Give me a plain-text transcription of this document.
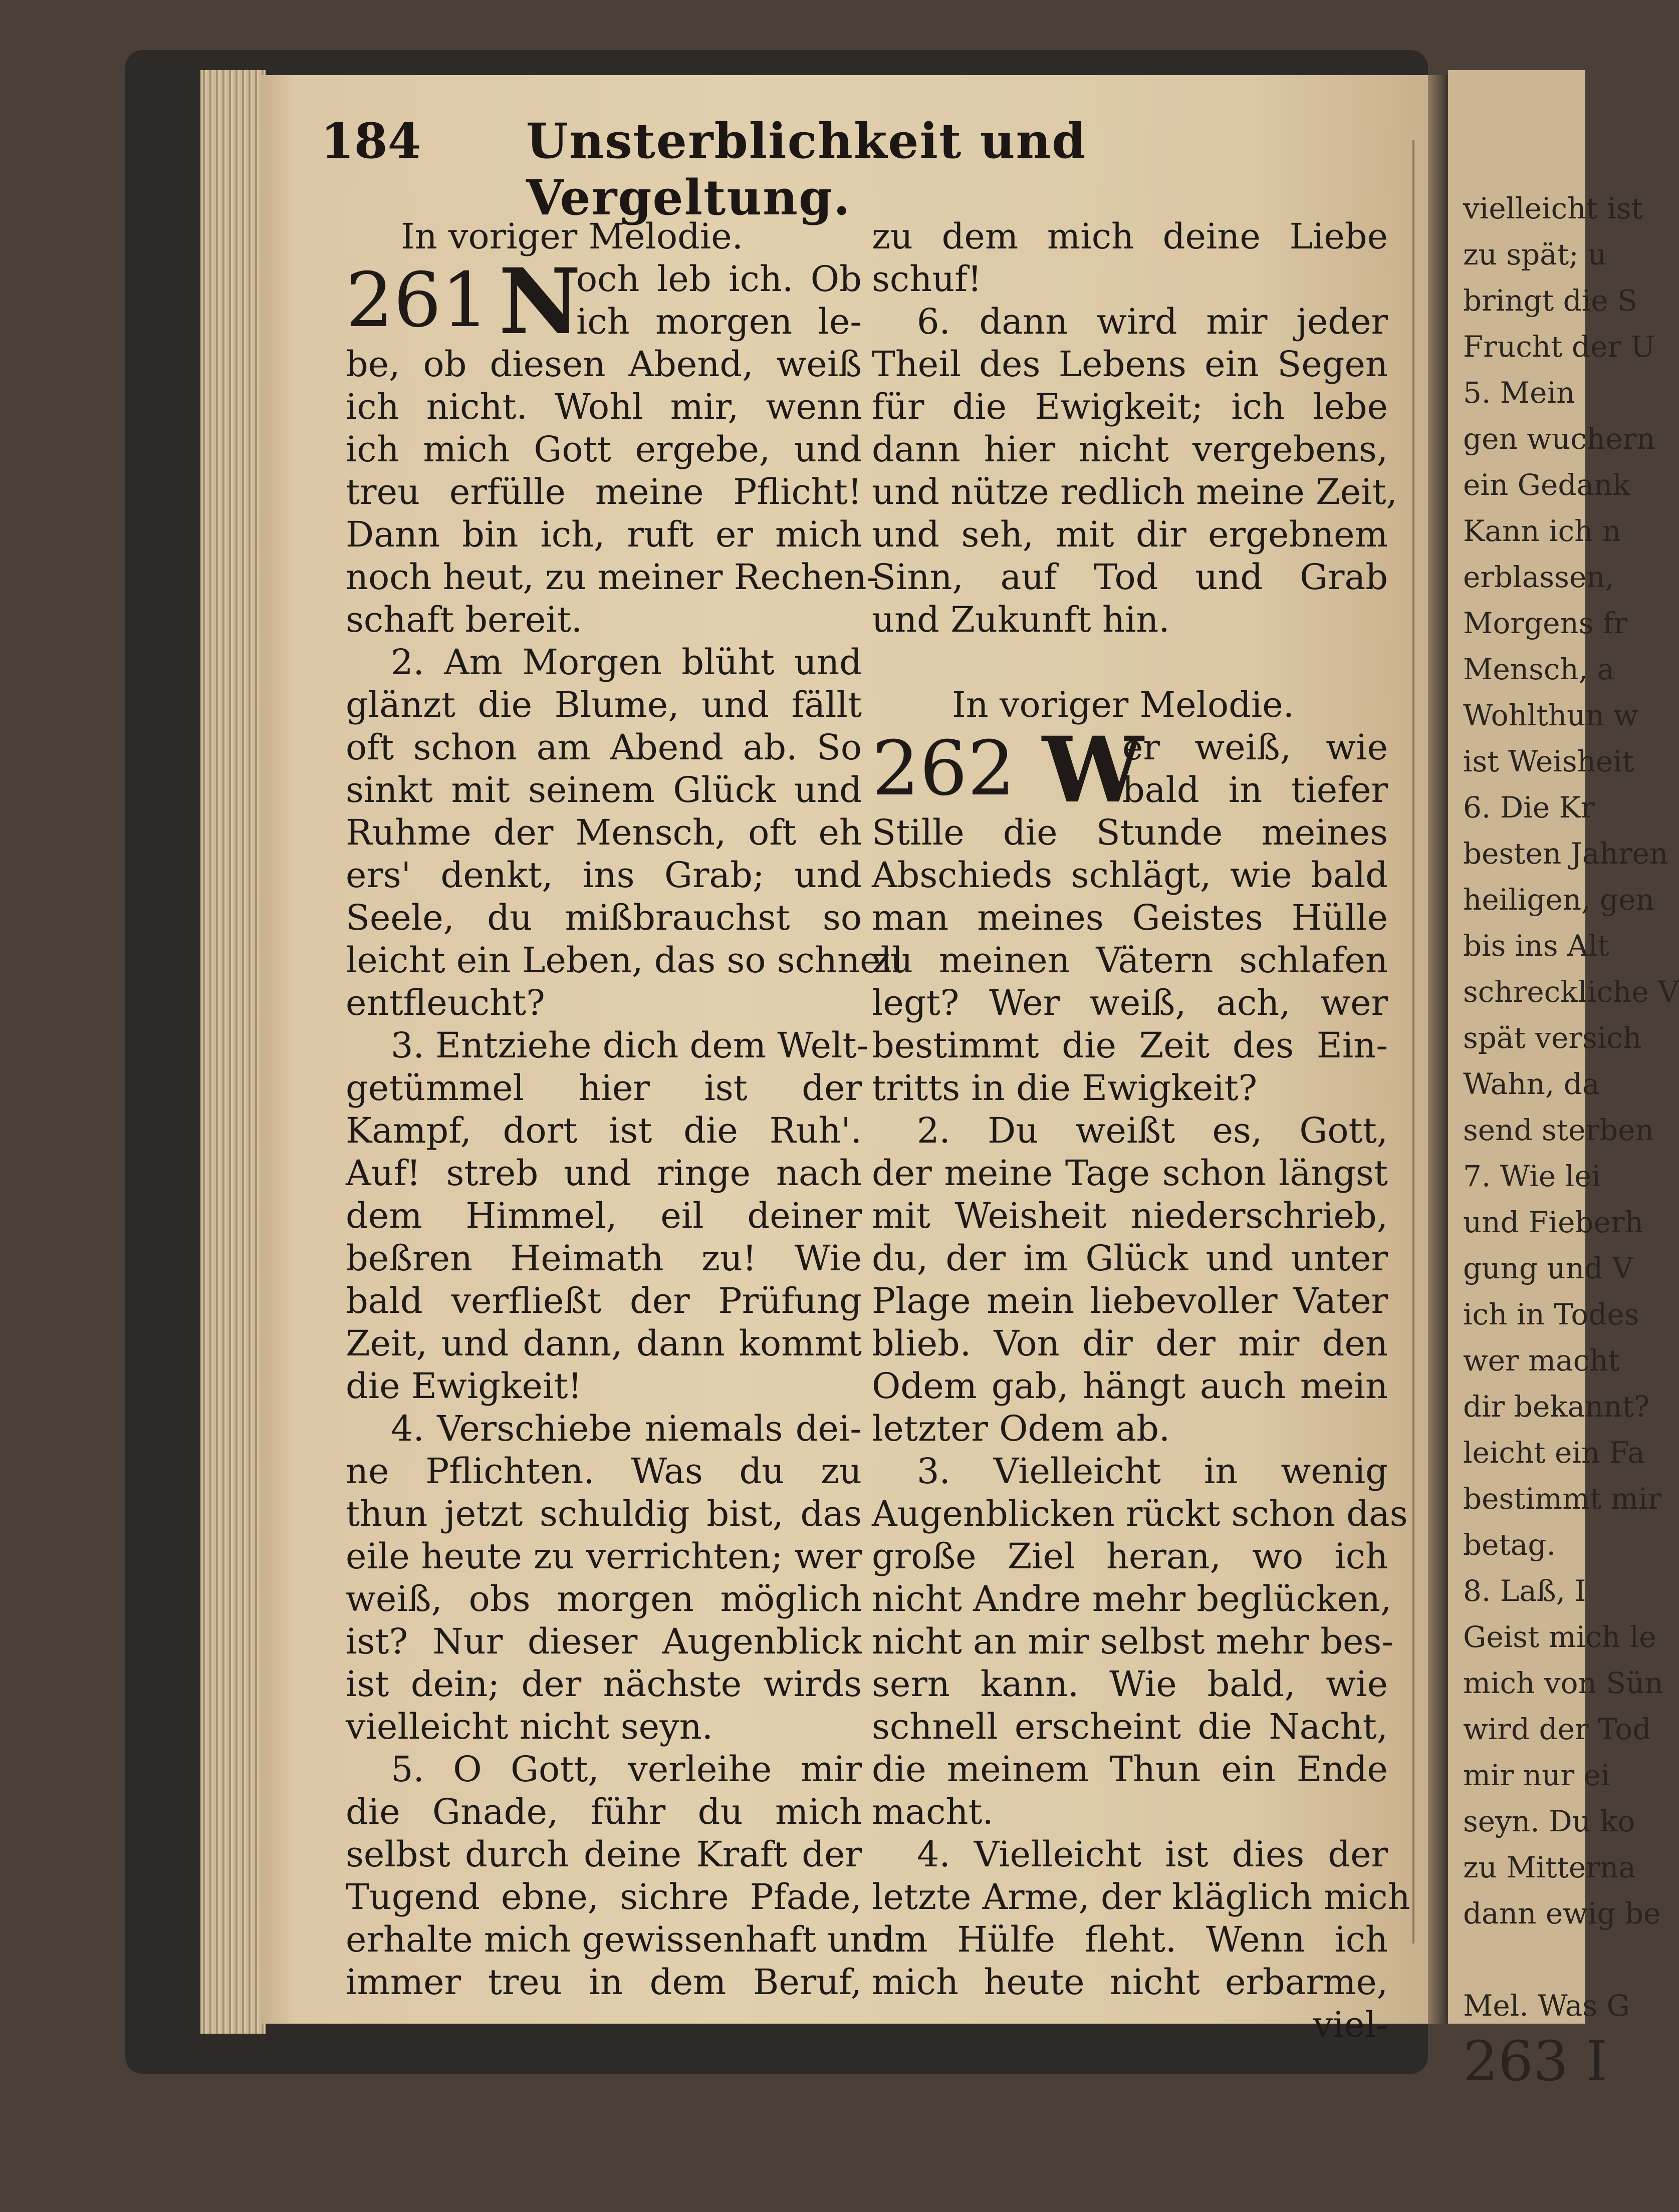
184 Unsterblichkeit und Vergeltung.
In voriger Melodie.
261 N
och leb ich. Ob
ich morgen le-
be, ob diesen Abend, weiß
ich nicht. Wohl mir, wenn
ich mich Gott ergebe, und
treu erfülle meine Pflicht!
Dann bin ich, ruft er mich
noch heut, zu meiner Rechen-
schaft bereit.
2. Am Morgen blüht und
glänzt die Blume, und fällt
oft schon am Abend ab. So
sinkt mit seinem Glück und
Ruhme der Mensch, oft eh
ers' denkt, ins Grab; und
Seele, du mißbrauchst so
leicht ein Leben, das so schnell
entfleucht?
3. Entziehe dich dem Welt-
getümmel hier ist der
Kampf, dort ist die Ruh'.
Auf! streb und ringe nach
dem Himmel, eil deiner
beßren Heimath zu! Wie
bald verfließt der Prüfung
Zeit, und dann, dann kommt
die Ewigkeit!
4. Verschiebe niemals dei-
ne Pflichten. Was du zu
thun jetzt schuldig bist, das
eile heute zu verrichten; wer
weiß, obs morgen möglich
ist? Nur dieser Augenblick
ist dein; der nächste wirds
vielleicht nicht seyn.
5. O Gott, verleihe mir
die Gnade, führ du mich
selbst durch deine Kraft der
Tugend ebne, sichre Pfade,
erhalte mich gewissenhaft und
immer treu in dem Beruf,
zu dem mich deine Liebe
schuf!
6. dann wird mir jeder
Theil des Lebens ein Segen
für die Ewigkeit; ich lebe
dann hier nicht vergebens,
und nütze redlich meine Zeit,
und seh, mit dir ergebnem
Sinn, auf Tod und Grab
und Zukunft hin.
In voriger Melodie.
262 W
er weiß, wie
bald in tiefer
Stille die Stunde meines
Abschieds schlägt, wie bald
man meines Geistes Hülle
zu meinen Vätern schlafen
legt? Wer weiß, ach, wer
bestimmt die Zeit des Ein-
tritts in die Ewigkeit?
2. Du weißt es, Gott,
der meine Tage schon längst
mit Weisheit niederschrieb,
du, der im Glück und unter
Plage mein liebevoller Vater
blieb. Von dir der mir den
Odem gab, hängt auch mein
letzter Odem ab.
3. Vielleicht in wenig
Augenblicken rückt schon das
große Ziel heran, wo ich
nicht Andre mehr beglücken,
nicht an mir selbst mehr bes-
sern kann. Wie bald, wie
schnell erscheint die Nacht,
die meinem Thun ein Ende
macht.
4. Vielleicht ist dies der
letzte Arme, der kläglich mich
um Hülfe fleht. Wenn ich
mich heute nicht erbarme,
viel-
vielleicht ist
zu spät; u
bringt die S
Frucht der U
5. Mein
gen wuchern
ein Gedank
Kann ich n
erblassen,
Morgens fr
Mensch, a
Wohlthun w
ist Weisheit
6. Die Kr
besten Jahren
heiligen, gen
bis ins Alt
schreckliche V
spät versich
Wahn, da
send sterben
7. Wie lei
und Fieberh
gung und V
ich in Todes
wer macht
dir bekannt?
leicht ein Fa
bestimmt mir
betag.
8. Laß, I
Geist mich le
mich von Sün
wird der Tod
mir nur ei
seyn. Du ko
zu Mitterna
dann ewig be
Mel. Was G
263 I
